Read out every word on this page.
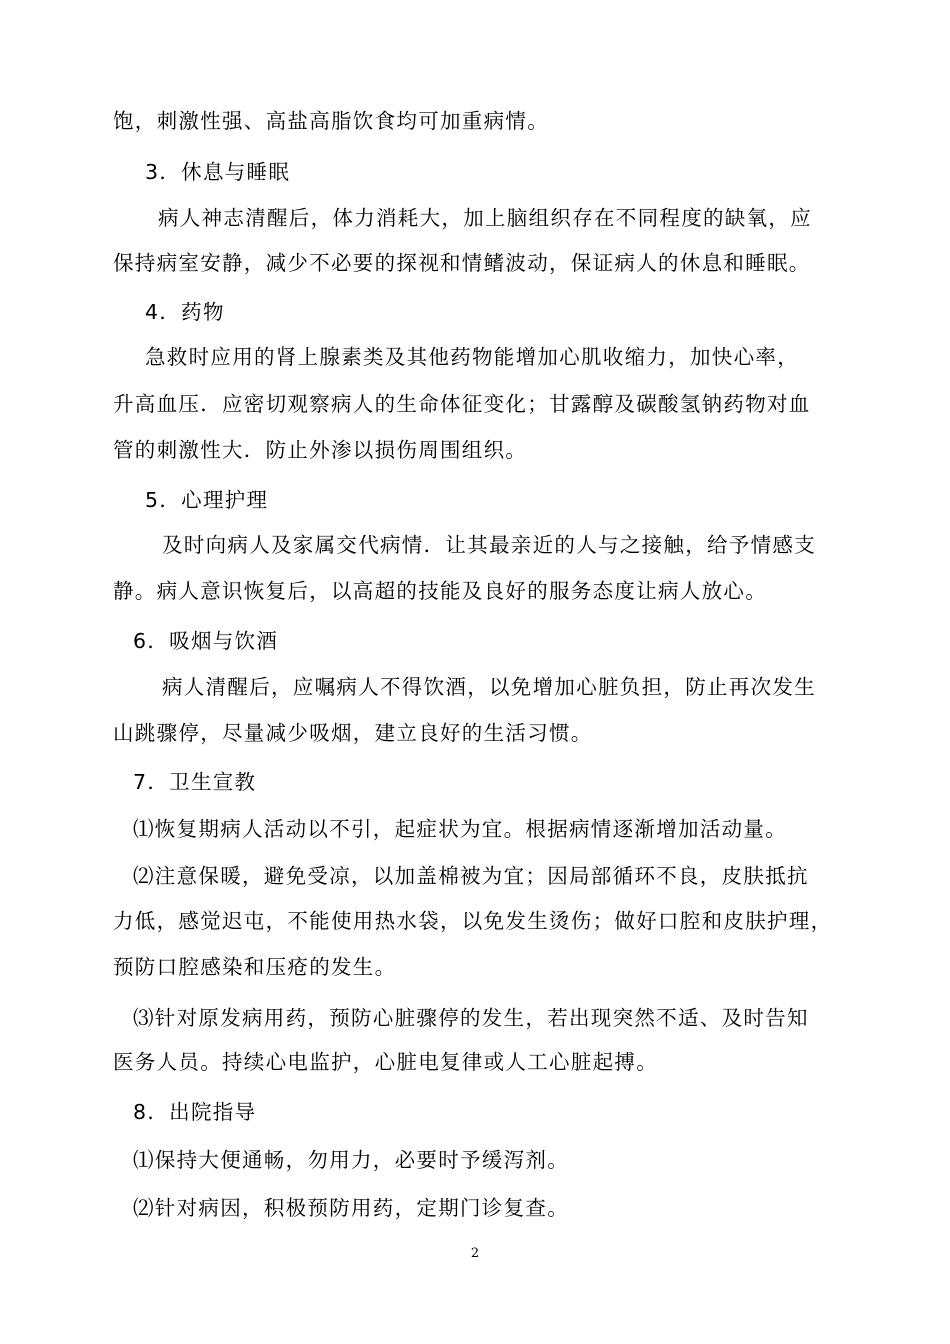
饱，刺激性强、高盐高脂饮食均可加重病情。
3．休息与睡眠
病人神志清醒后，体力消耗大，加上脑组织存在不同程度的缺氧，应
保持病室安静，减少不必要的探视和情鳍波动，保证病人的休息和睡眠。
4．药物
急救时应用的肾上腺素类及其他药物能增加心肌收缩力，加快心率，
升高血压．应密切观察病人的生命体征变化；甘露醇及碳酸氢钠药物对血
管的刺激性大．防止外渗以损伤周围组织。
5．心理护理
及时向病人及家属交代病情．让其最亲近的人与之接触，给予情感支
静。病人意识恢复后，以高超的技能及良好的服务态度让病人放心。
6．吸烟与饮酒
病人清醒后，应嘱病人不得饮酒，以免增加心脏负担，防止再次发生
山跳骤停，尽量减少吸烟，建立良好的生活习惯。
7．卫生宣教
⑴恢复期病人活动以不引，起症状为宜。根据病情逐渐增加活动量。
⑵注意保暖，避免受凉，以加盖棉被为宜；因局部循环不良，皮肤抵抗
力低，感觉迟屯，不能使用热水袋，以免发生烫伤；做好口腔和皮肤护理，
预防口腔感染和压疮的发生。
⑶针对原发病用药，预防心脏骤停的发生，若出现突然不适、及时告知
医务人员。持续心电监护，心脏电复律或人工心脏起搏。
8．出院指导
⑴保持大便通畅，勿用力，必要时予缓泻剂。
⑵针对病因，积极预防用药，定期门诊复查。
2
